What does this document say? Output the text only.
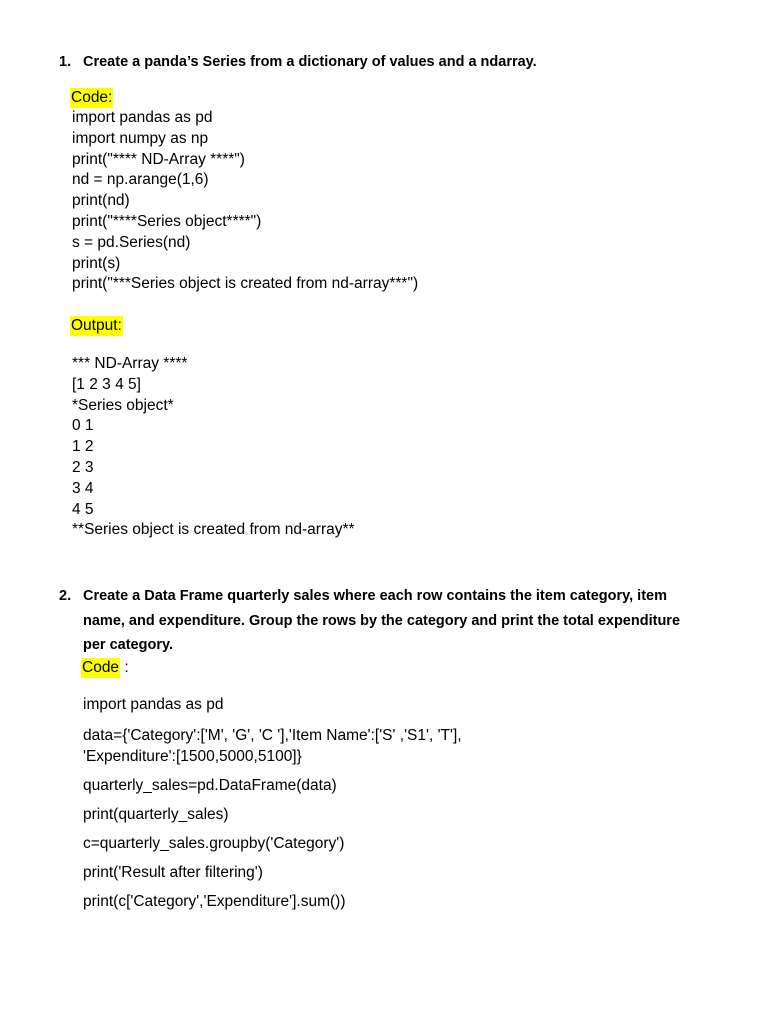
1. Create a panda’s Series from a dictionary of values and a ndarray.
Code:
import pandas as pd
import numpy as np
print("**** ND-Array ****")
nd = np.arange(1,6)
print(nd)
print("****Series object****")
s = pd.Series(nd)
print(s)
print("***Series object is created from nd-array***")
Output:
*** ND-Array ****
[1 2 3 4 5]
*Series object*
0 1
1 2
2 3
3 4
4 5
**Series object is created from nd-array**
2. Create a Data Frame quarterly sales where each row contains the item category, item name, and expenditure. Group the rows by the category and print the total expenditure per category.
Code :
import pandas as pd
data={'Category':['M', 'G', 'C '],'Item Name':['S' ,'S1', 'T'],
'Expenditure':[1500,5000,5100]}
quarterly_sales=pd.DataFrame(data)
print(quarterly_sales)
c=quarterly_sales.groupby('Category')
print('Result after filtering')
print(c['Category','Expenditure'].sum())
